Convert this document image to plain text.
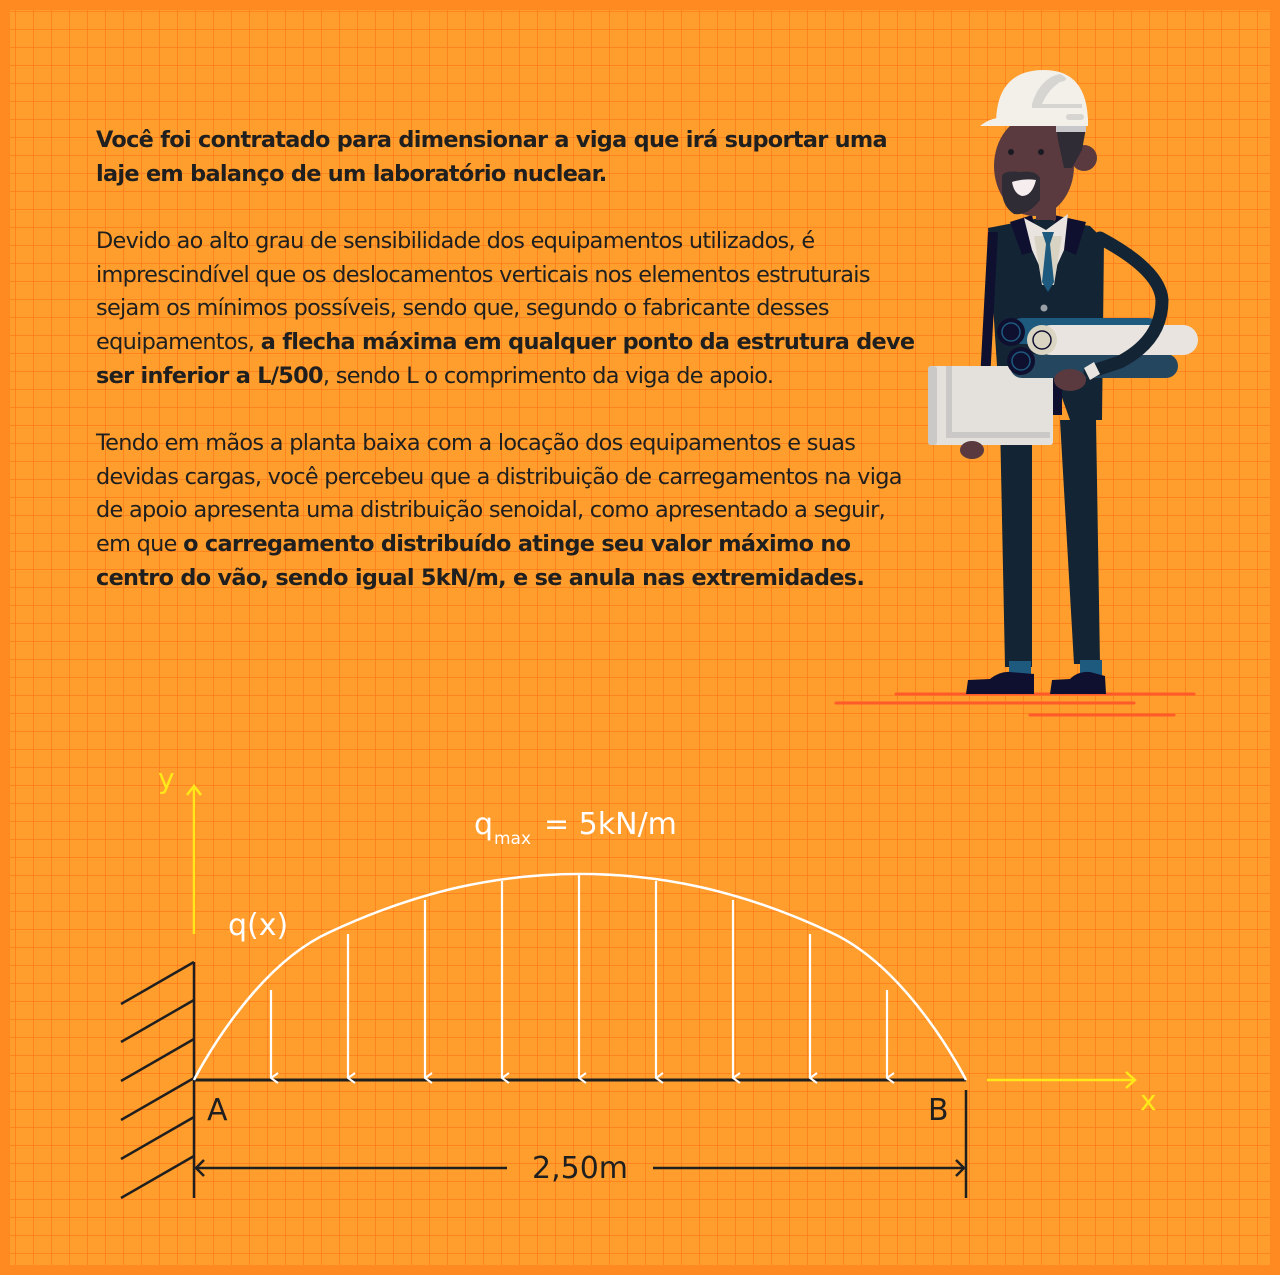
Você foi contratado para dimensionar a viga que irá suportar uma laje em balanço de um laboratório nuclear.

Devido ao alto grau de sensibilidade dos equipamentos utilizados, é imprescindível que os deslocamentos verticais nos elementos estruturais sejam os mínimos possíveis, sendo que, segundo o fabricante desses equipamentos, a flecha máxima em qualquer ponto da estrutura deve ser inferior a L/500, sendo L o comprimento da viga de apoio.

Tendo em mãos a planta baixa com a locação dos equipamentos e suas devidas cargas, você percebeu que a distribuição de carregamentos na viga de apoio apresenta uma distribuição senoidal, como apresentado a seguir, em que o carregamento distribuído atinge seu valor máximo no centro do vão, sendo igual 5kN/m, e se anula nas extremidades.

y
x
q(x)
q max = 5kN/m
A	B
2,50m
